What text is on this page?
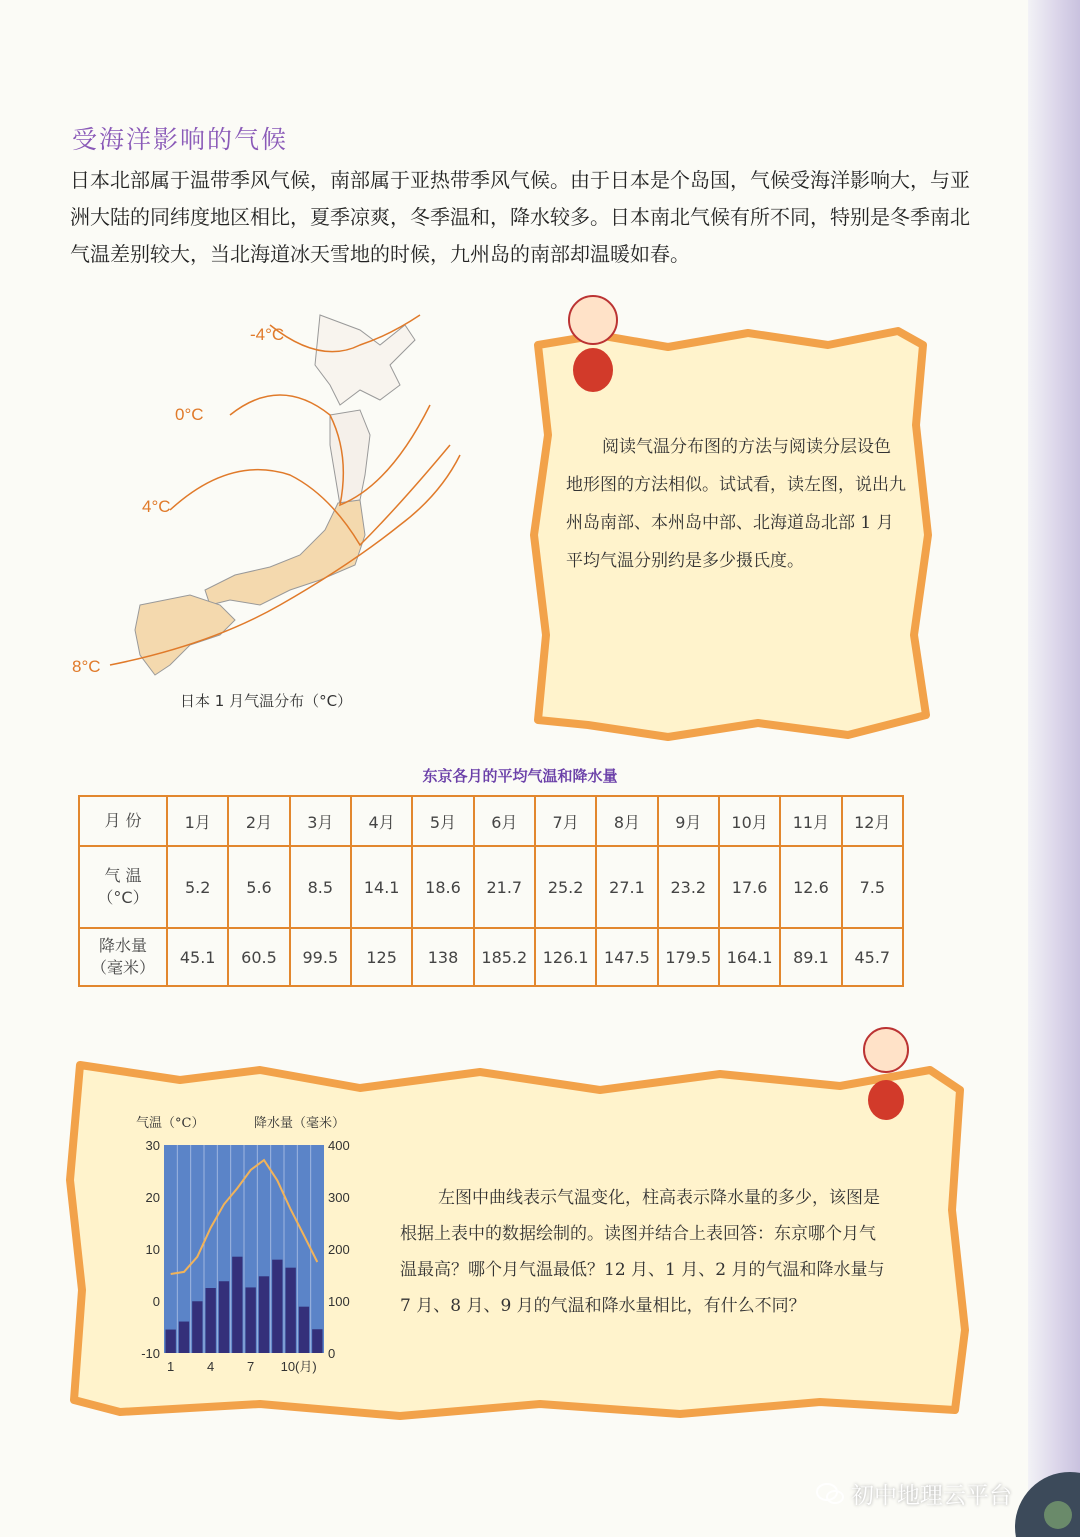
受海洋影响的气候
日本北部属于温带季风气候，南部属于亚热带季风气候。由于日本是个岛国，气候受海洋影响大，与亚洲大陆的同纬度地区相比，夏季凉爽，冬季温和，降水较多。日本南北气候有所不同，特别是冬季南北气温差别较大，当北海道冰天雪地的时候，九州岛的南部却温暖如春。
-4°C
0°C
4°C
8°C
日本 1 月气温分布（°C）
阅读气温分布图的方法与阅读分层设色地形图的方法相似。试试看，读左图，说出九州岛南部、本州岛中部、北海道岛北部 1 月平均气温分别约是多少摄氏度。
东京各月的平均气温和降水量
月 份	1月	2月	3月	4月	5月	6月	7月	8月	9月	10月	11月	12月

气 温
（°C）	5.2	5.6	8.5	14.1	18.6	21.7	25.2	27.1	23.2	17.6	12.6	7.5

降水量
（毫米）	45.1	60.5	99.5	125	138	185.2	126.1	147.5	179.5	164.1	89.1	45.7
气温（°C）	降水量（毫米）
30
20
10
0
-10
400
300
200
100
0
1	4	7 10(月)
左图中曲线表示气温变化，柱高表示降水量的多少，该图是根据上表中的数据绘制的。读图并结合上表回答：东京哪个月气温最高？哪个月气温最低？12 月、1 月、2 月的气温和降水量与 7 月、8 月、9 月的气温和降水量相比，有什么不同？
初中地理云平台
